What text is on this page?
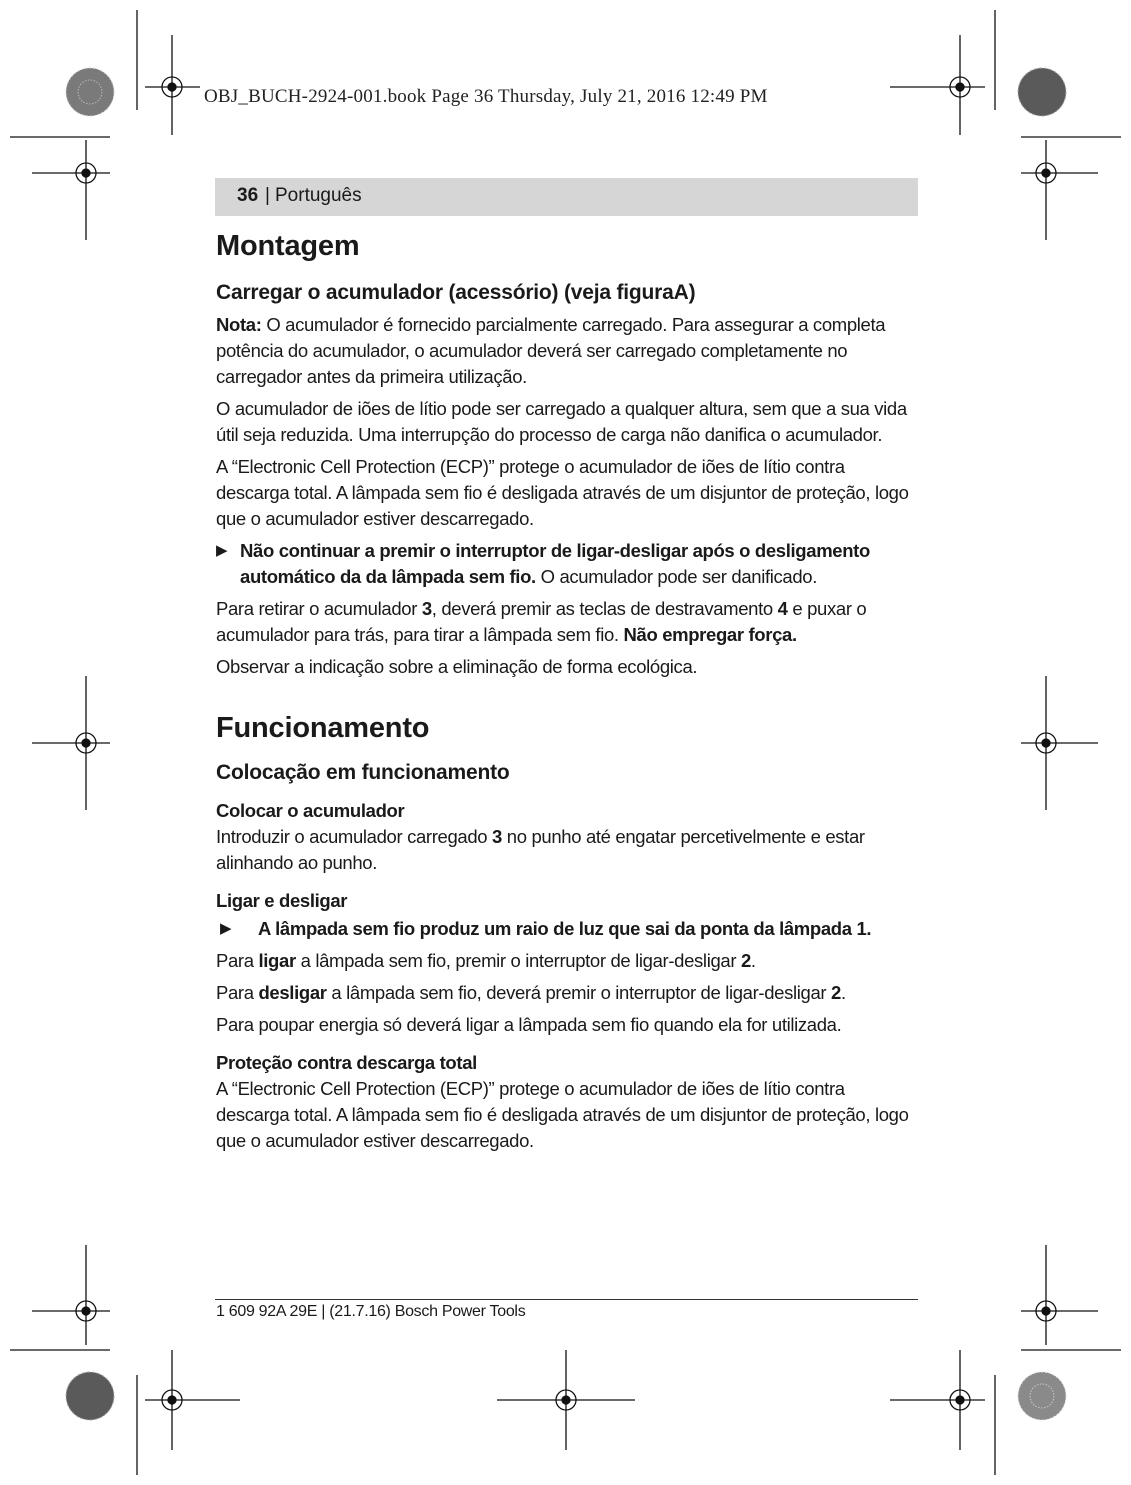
OBJ_BUCH-2924-001.book Page 36 Thursday, July 21, 2016 12:49 PM
36 | Português
Montagem
Carregar o acumulador (acessório) (veja figuraA)

Nota: O acumulador é fornecido parcialmente carregado. Para assegurar a completa potência do acumulador, o acumulador deverá ser carregado completamente no carregador antes da primeira utilização.

O acumulador de iões de lítio pode ser carregado a qualquer altura, sem que a sua vida útil seja reduzida. Uma interrupção do processo de carga não danifica o acumulador.

A “Electronic Cell Protection (ECP)” protege o acumulador de iões de lítio contra descarga total. A lâmpada sem fio é desligada através de um disjuntor de proteção, logo que o acumulador estiver descarregado.

▶ Não continuar a premir o interruptor de ligar-desligar após o desligamento automático da da lâmpada sem fio. O acumulador pode ser danificado.

Para retirar o acumulador 3, deverá premir as teclas de destravamento 4 e puxar o acumulador para trás, para tirar a lâmpada sem fio. Não empregar força.

Observar a indicação sobre a eliminação de forma ecológica.

Funcionamento
Colocação em funcionamento
Colocar o acumulador

Introduzir o acumulador carregado 3 no punho até engatar percetivelmente e estar alinhando ao punho.

Ligar e desligar

▶ A lâmpada sem fio produz um raio de luz que sai da ponta da lâmpada 1.

Para ligar a lâmpada sem fio, premir o interruptor de ligar-desligar 2.

Para desligar a lâmpada sem fio, deverá premir o interruptor de ligar-desligar 2.

Para poupar energia só deverá ligar a lâmpada sem fio quando ela for utilizada.

Proteção contra descarga total

A “Electronic Cell Protection (ECP)” protege o acumulador de iões de lítio contra descarga total. A lâmpada sem fio é desligada através de um disjuntor de proteção, logo que o acumulador estiver descarregado.

1 609 92A 29E | (21.7.16) Bosch Power Tools
